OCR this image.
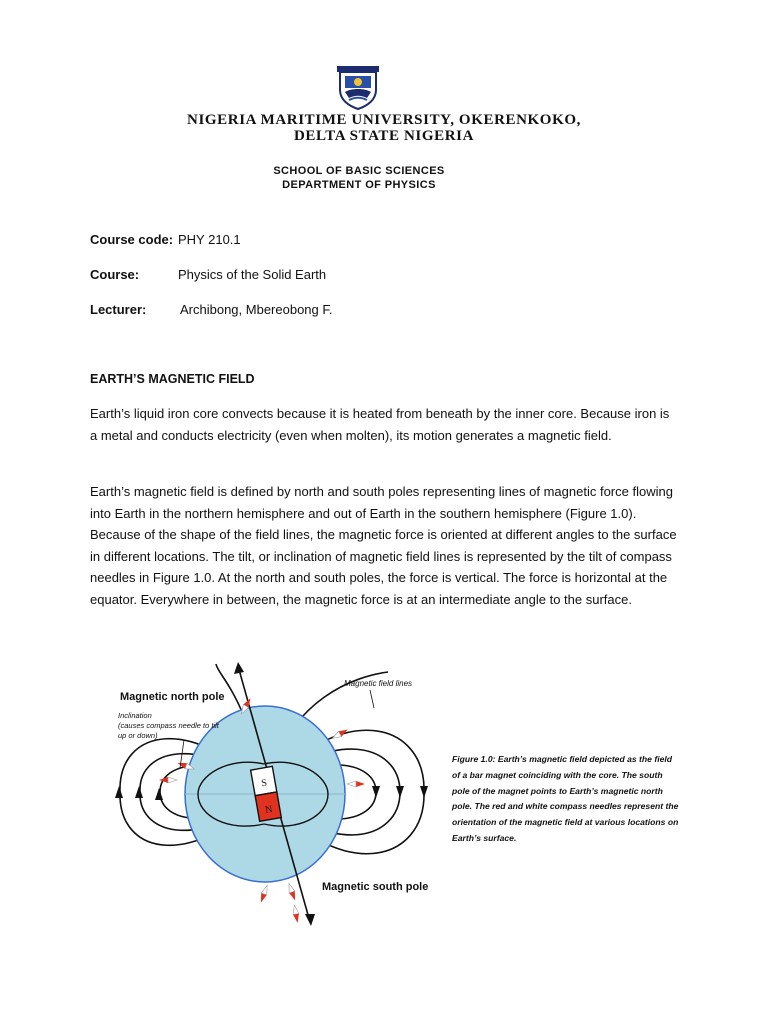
NIGERIA MARITIME UNIVERSITY, OKERENKOKO,
DELTA STATE NIGERIA
SCHOOL OF BASIC SCIENCES
DEPARTMENT OF PHYSICS
Course code: PHY 210.1
Course:	Physics of the Solid Earth
Lecturer:	Archibong, Mbereobong F.
EARTH’S MAGNETIC FIELD

Earth’s liquid iron core convects because it is heated from beneath by the inner core. Because iron is a metal and conducts electricity (even when molten), its motion generates a magnetic field.

Earth’s magnetic field is defined by north and south poles representing lines of magnetic force flowing into Earth in the northern hemisphere and out of Earth in the southern hemisphere (Figure 1.0). Because of the shape of the field lines, the magnetic force is oriented at different angles to the surface in different locations. The tilt, or inclination of magnetic field lines is represented by the tilt of compass needles in Figure 1.0. At the north and south poles, the force is vertical. The force is horizontal at the equator. Everywhere in between, the magnetic force is at an intermediate angle to the surface.

S
N
Magnetic north pole
Inclination
(causes compass needle to tilt
up or down)
Magnetic field lines
Magnetic south pole

Figure 1.0: Earth’s magnetic field depicted as the field of a bar magnet coinciding with the core. The south pole of the magnet points to Earth’s magnetic north pole. The red and white compass needles represent the orientation of the magnetic field at various locations on Earth’s surface.
